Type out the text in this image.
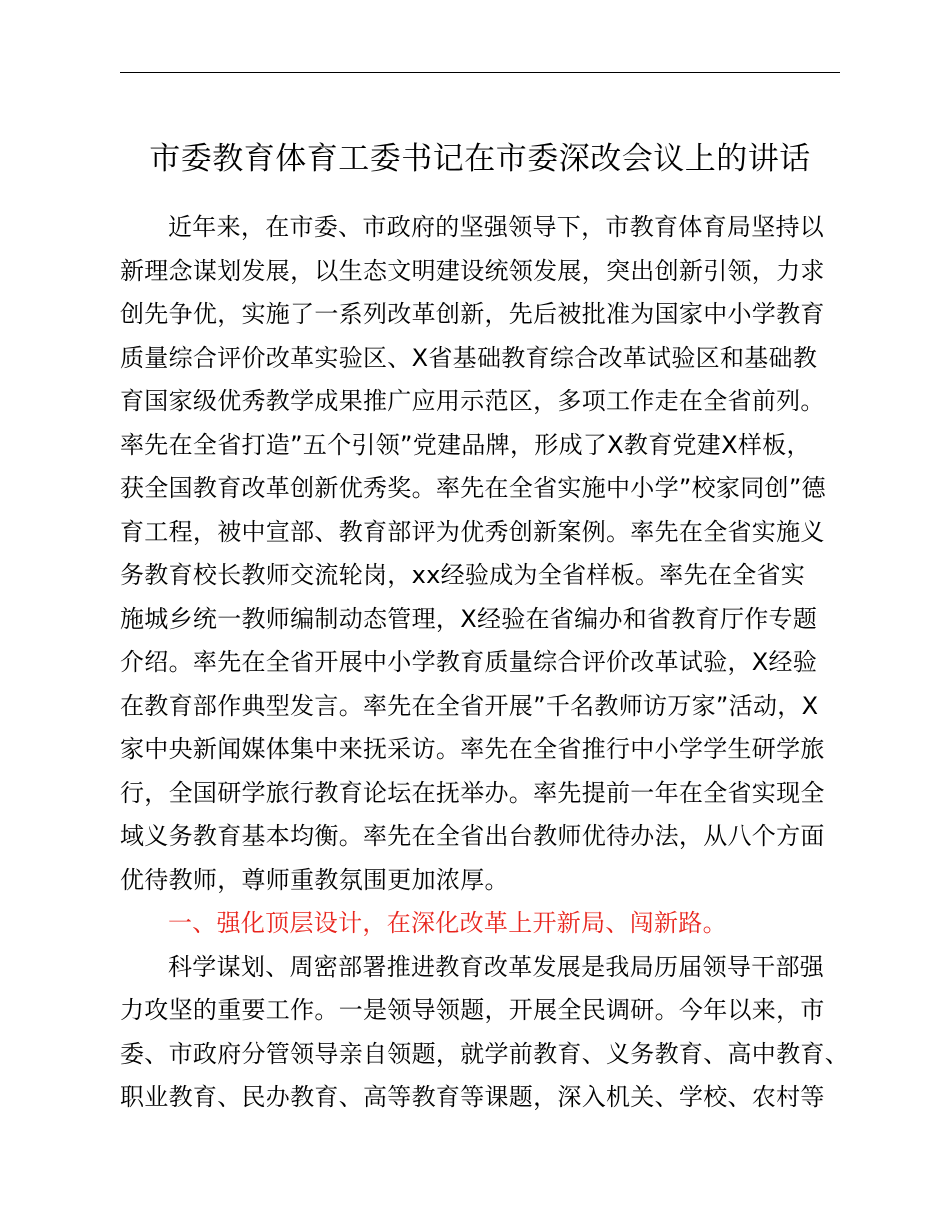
市委教育体育工委书记在市委深改会议上的讲话
近年来，在市委、市政府的坚强领导下，市教育体育局坚持以
新理念谋划发展，以生态文明建设统领发展，突出创新引领，力求
创先争优，实施了一系列改革创新，先后被批准为国家中小学教育
质量综合评价改革实验区、X省基础教育综合改革试验区和基础教
育国家级优秀教学成果推广应用示范区，多项工作走在全省前列。
率先在全省打造”五个引领”党建品牌，形成了X教育党建X样板，
获全国教育改革创新优秀奖。率先在全省实施中小学”校家同创”德
育工程，被中宣部、教育部评为优秀创新案例。率先在全省实施义
务教育校长教师交流轮岗，xx经验成为全省样板。率先在全省实
施城乡统一教师编制动态管理，X经验在省编办和省教育厅作专题
介绍。率先在全省开展中小学教育质量综合评价改革试验，X经验
在教育部作典型发言。率先在全省开展”千名教师访万家”活动，X
家中央新闻媒体集中来抚采访。率先在全省推行中小学学生研学旅
行，全国研学旅行教育论坛在抚举办。率先提前一年在全省实现全
域义务教育基本均衡。率先在全省出台教师优待办法，从八个方面
优待教师，尊师重教氛围更加浓厚。
一、强化顶层设计，在深化改革上开新局、闯新路。
科学谋划、周密部署推进教育改革发展是我局历届领导干部强
力攻坚的重要工作。一是领导领题，开展全民调研。今年以来，市
委、市政府分管领导亲自领题，就学前教育、义务教育、高中教育、
职业教育、民办教育、高等教育等课题，深入机关、学校、农村等
